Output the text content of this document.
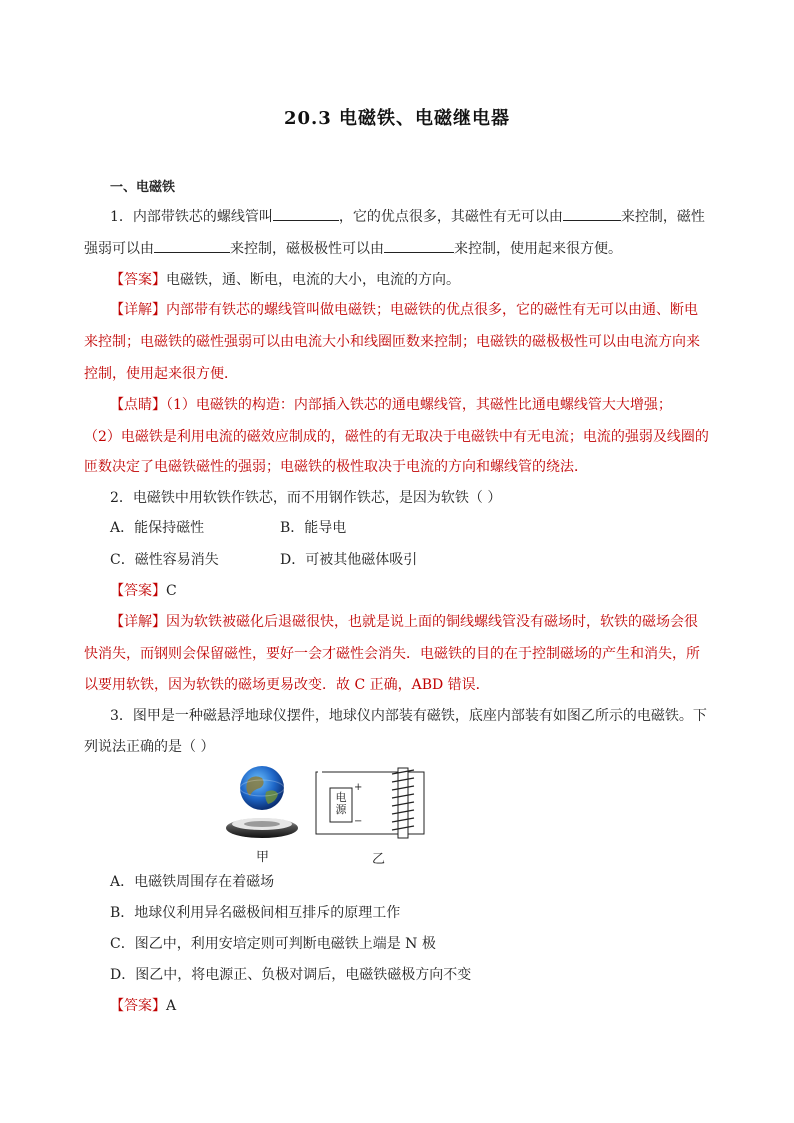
20.3 电磁铁、电磁继电器
一、电磁铁
1．内部带铁芯的螺线管叫	，它的优点很多，其磁性有无可以由	来控制，磁性
强弱可以由	来控制，磁极极性可以由	来控制，使用起来很方便。
【答案】电磁铁，通、断电，电流的大小，电流的方向。
【详解】内部带有铁芯的螺线管叫做电磁铁；电磁铁的优点很多，它的磁性有无可以由通、断电
来控制；电磁铁的磁性强弱可以由电流大小和线圈匝数来控制；电磁铁的磁极极性可以由电流方向来
控制，使用起来很方便．
【点睛】（1）电磁铁的构造：内部插入铁芯的通电螺线管，其磁性比通电螺线管大大增强；
（2）电磁铁是利用电流的磁效应制成的，磁性的有无取决于电磁铁中有无电流；电流的强弱及线圈的
匝数决定了电磁铁磁性的强弱；电磁铁的极性取决于电流的方向和螺线管的绕法．
2．电磁铁中用软铁作铁芯，而不用钢作铁芯，是因为软铁（ ）
A．能保持磁性	B．能导电
C．磁性容易消失	D．可被其他磁体吸引
【答案】C
【详解】因为软铁被磁化后退磁很快，也就是说上面的铜线螺线管没有磁场时，软铁的磁场会很
快消失，而钢则会保留磁性，要好一会才磁性会消失．电磁铁的目的在于控制磁场的产生和消失，所
以要用软铁，因为软铁的磁场更易改变．故 C 正确，ABD 错误．
3．图甲是一种磁悬浮地球仪摆件，地球仪内部装有磁铁，底座内部装有如图乙所示的电磁铁。下
列说法正确的是（ ）
电源
+
−
甲	乙
A．电磁铁周围存在着磁场
B．地球仪利用异名磁极间相互排斥的原理工作
C．图乙中，利用安培定则可判断电磁铁上端是 N 极
D．图乙中，将电源正、负极对调后，电磁铁磁极方向不变
【答案】A
